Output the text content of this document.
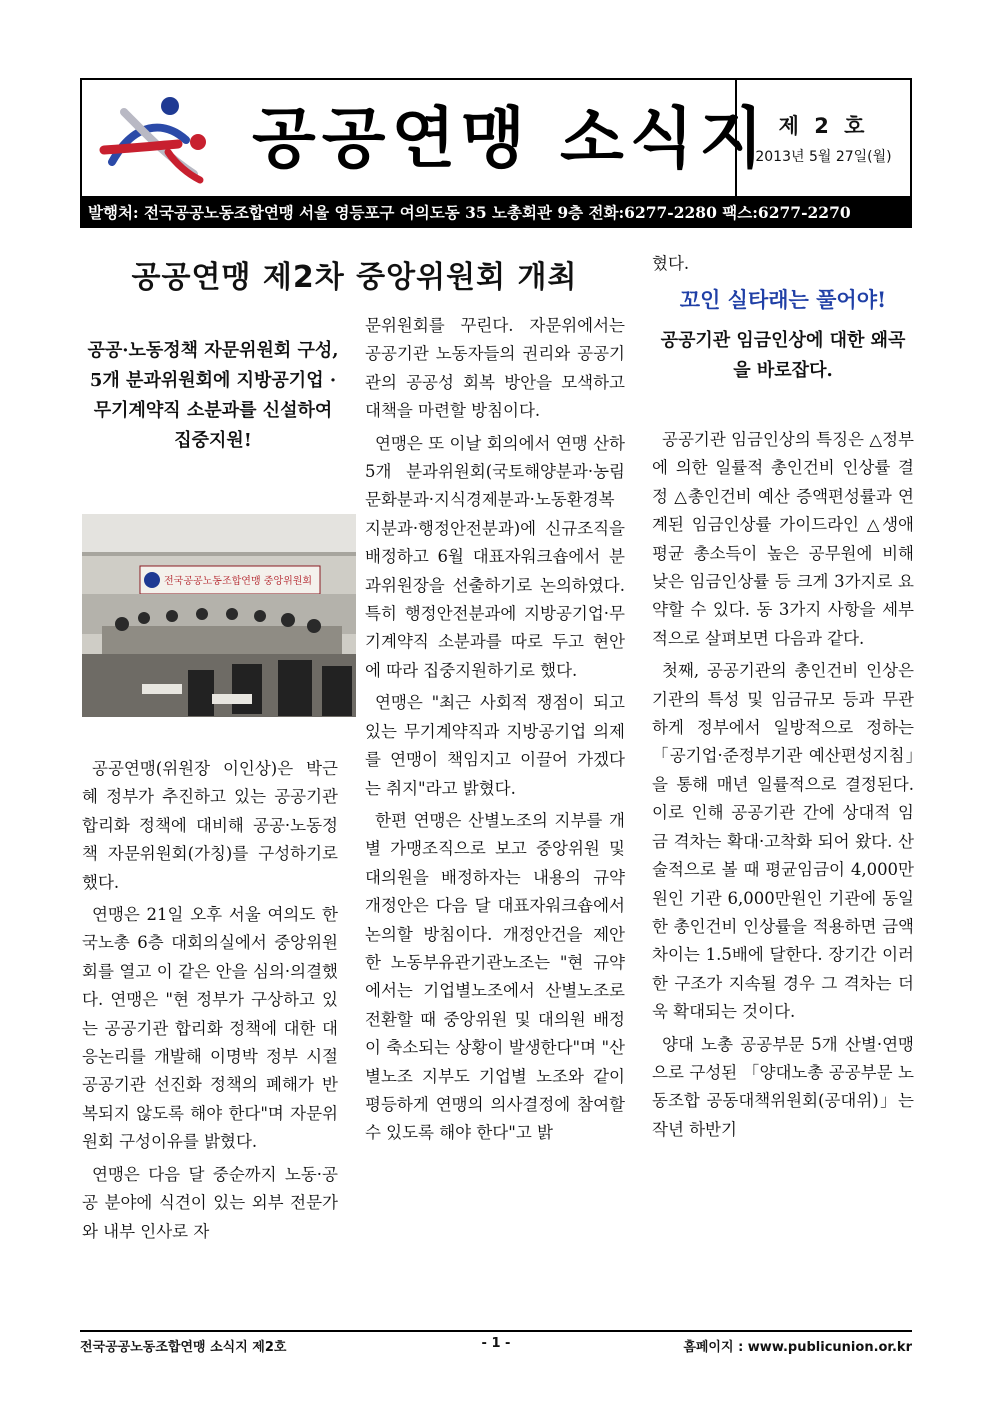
공공연맹 소식지 제 2 호
2013년 5월 27일(월)
발행처: 전국공공노동조합연맹 서울 영등포구 여의도동 35 노총회관 9층 전화:6277-2280 팩스:6277-2270
공공연맹 제2차 중앙위원회 개최
공공·노동정책 자문위원회 구성, 5개 분과위원회에 지방공기업 ·무기계약직 소분과를 신설하여 집중지원!
전국공공노동조합연맹 중앙위원회

공공연맹(위원장 이인상)은 박근혜 정부가 추진하고 있는 공공기관 합리화 정책에 대비해 공공·노동정책 자문위원회(가칭)를 구성하기로 했다.

연맹은 21일 오후 서울 여의도 한국노총 6층 대회의실에서 중앙위원회를 열고 이 같은 안을 심의·의결했다. 연맹은 "현 정부가 구상하고 있는 공공기관 합리화 정책에 대한 대응논리를 개발해 이명박 정부 시절 공공기관 선진화 정책의 폐해가 반복되지 않도록 해야 한다"며 자문위원회 구성이유를 밝혔다.

연맹은 다음 달 중순까지 노동·공공 분야에 식견이 있는 외부 전문가와 내부 인사로 자

문위원회를 꾸린다. 자문위에서는 공공기관 노동자들의 권리와 공공기관의 공공성 회복 방안을 모색하고 대책을 마련할 방침이다.

연맹은 또 이날 회의에서 연맹 산하 5개 분과위원회(국토해양분과·농림문화분과·지식경제분과·노동환경복지분과·행정안전분과)에 신규조직을 배정하고 6월 대표자워크숍에서 분과위원장을 선출하기로 논의하였다. 특히 행정안전분과에 지방공기업·무기계약직 소분과를 따로 두고 현안에 따라 집중지원하기로 했다.

연맹은 "최근 사회적 쟁점이 되고 있는 무기계약직과 지방공기업 의제를 연맹이 책임지고 이끌어 가겠다는 취지"라고 밝혔다.

한편 연맹은 산별노조의 지부를 개별 가맹조직으로 보고 중앙위원 및 대의원을 배정하자는 내용의 규약 개정안은 다음 달 대표자워크숍에서 논의할 방침이다. 개정안건을 제안한 노동부유관기관노조는 "현 규약에서는 기업별노조에서 산별노조로 전환할 때 중앙위원 및 대의원 배정이 축소되는 상황이 발생한다"며 "산별노조 지부도 기업별 노조와 같이 평등하게 연맹의 의사결정에 참여할 수 있도록 해야 한다"고 밝

혔다.

꼬인 실타래는 풀어야!
공공기관 임금인상에 대한 왜곡을 바로잡다.

공공기관 임금인상의 특징은 △정부에 의한 일률적 총인건비 인상률 결정 △총인건비 예산 증액편성률과 연계된 임금인상률 가이드라인 △생애 평균 총소득이 높은 공무원에 비해 낮은 임금인상률 등 크게 3가지로 요약할 수 있다. 동 3가지 사항을 세부적으로 살펴보면 다음과 같다.

첫째, 공공기관의 총인건비 인상은 기관의 특성 및 임금규모 등과 무관하게 정부에서 일방적으로 정하는「공기업·준정부기관 예산편성지침」을 통해 매년 일률적으로 결정된다. 이로 인해 공공기관 간에 상대적 임금 격차는 확대·고착화 되어 왔다. 산술적으로 볼 때 평균임금이 4,000만원인 기관 6,000만원인 기관에 동일한 총인건비 인상률을 적용하면 금액 차이는 1.5배에 달한다. 장기간 이러한 구조가 지속될 경우 그 격차는 더욱 확대되는 것이다.

양대 노총 공공부문 5개 산별·연맹으로 구성된 「양대노총 공공부문 노동조합 공동대책위원회(공대위)」는 작년 하반기

전국공공노동조합연맹 소식지 제2호	- 1 -	홈페이지 : www.publicunion.or.kr
